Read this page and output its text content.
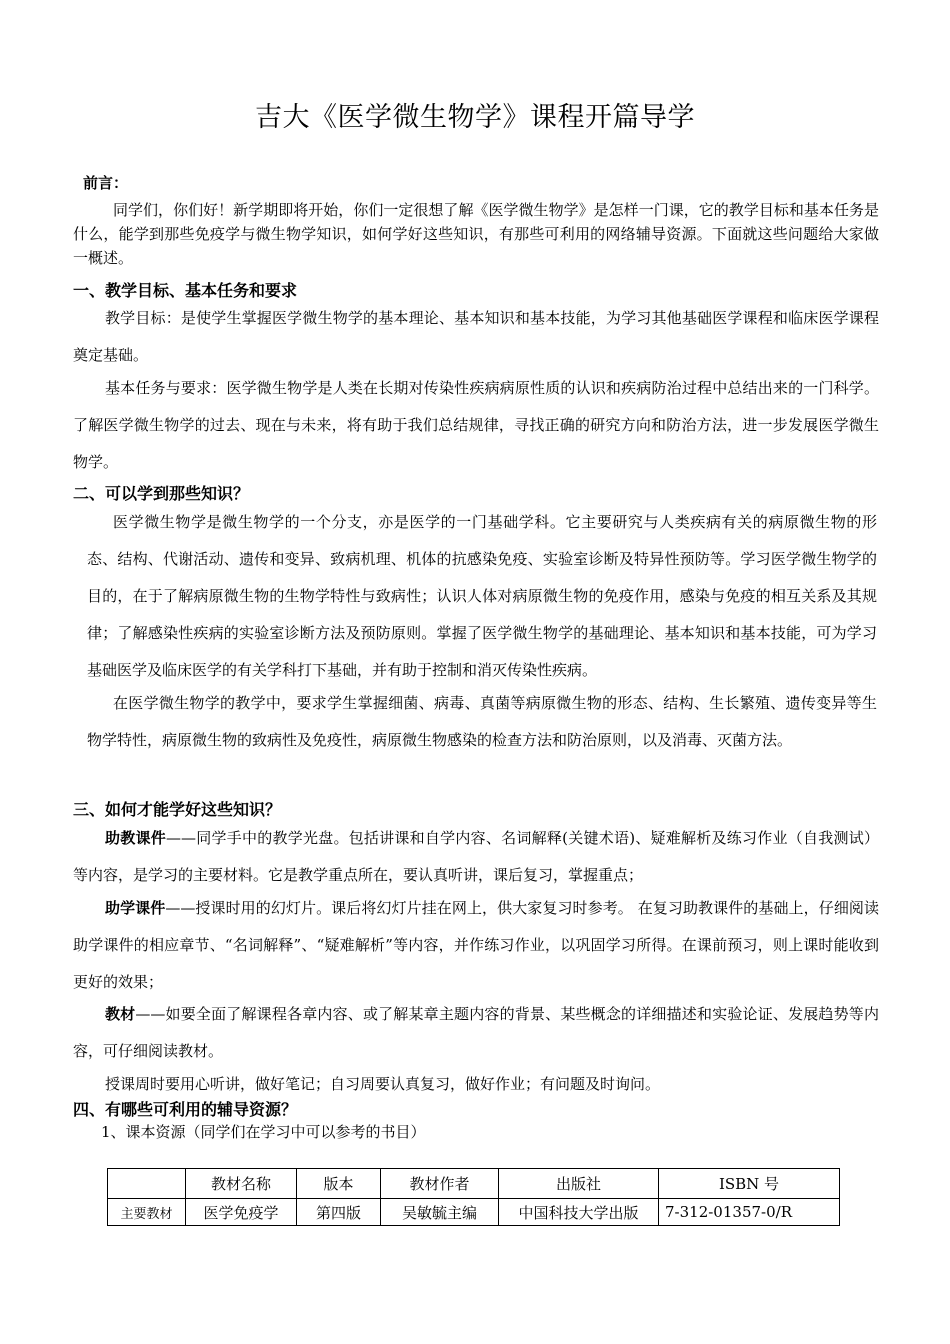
吉大《医学微生物学》课程开篇导学
前言：
同学们，你们好！新学期即将开始，你们一定很想了解《医学微生物学》是怎样一门课，它的教学目标和基本任务是什么，能学到那些免疫学与微生物学知识，如何学好这些知识，有那些可利用的网络辅导资源。下面就这些问题给大家做一概述。
一、教学目标、基本任务和要求
教学目标：是使学生掌握医学微生物学的基本理论、基本知识和基本技能，为学习其他基础医学课程和临床医学课程奠定基础。
基本任务与要求：医学微生物学是人类在长期对传染性疾病病原性质的认识和疾病防治过程中总结出来的一门科学。了解医学微生物学的过去、现在与未来，将有助于我们总结规律，寻找正确的研究方向和防治方法，进一步发展医学微生物学。
二、可以学到那些知识？
医学微生物学是微生物学的一个分支，亦是医学的一门基础学科。它主要研究与人类疾病有关的病原微生物的形态、结构、代谢活动、遗传和变异、致病机理、机体的抗感染免疫、实验室诊断及特异性预防等。学习医学微生物学的目的，在于了解病原微生物的生物学特性与致病性；认识人体对病原微生物的免疫作用，感染与免疫的相互关系及其规律；了解感染性疾病的实验室诊断方法及预防原则。掌握了医学微生物学的基础理论、基本知识和基本技能，可为学习基础医学及临床医学的有关学科打下基础，并有助于控制和消灭传染性疾病。
在医学微生物学的教学中，要求学生掌握细菌、病毒、真菌等病原微生物的形态、结构、生长繁殖、遗传变异等生物学特性，病原微生物的致病性及免疫性，病原微生物感染的检查方法和防治原则，以及消毒、灭菌方法。
三、如何才能学好这些知识？
助教课件——同学手中的教学光盘。包括讲课和自学内容、名词解释(关键术语)、疑难解析及练习作业（自我测试）等内容，是学习的主要材料。它是教学重点所在，要认真听讲，课后复习，掌握重点；
助学课件——授课时用的幻灯片。课后将幻灯片挂在网上，供大家复习时参考。 在复习助教课件的基础上，仔细阅读助学课件的相应章节、“名词解释”、“疑难解析”等内容，并作练习作业，以巩固学习所得。在课前预习，则上课时能收到更好的效果；
教材——如要全面了解课程各章内容、或了解某章主题内容的背景、某些概念的详细描述和实验论证、发展趋势等内容，可仔细阅读教材。
授课周时要用心听讲，做好笔记；自习周要认真复习，做好作业；有问题及时询问。
四、有哪些可利用的辅导资源？
1、课本资源（同学们在学习中可以参考的书目）
	教材名称	版本	教材作者	出版社	ISBN 号
主要教材	医学免疫学	第四版	吴敏毓主编	中国科技大学出版	7-312-01357-0/R
